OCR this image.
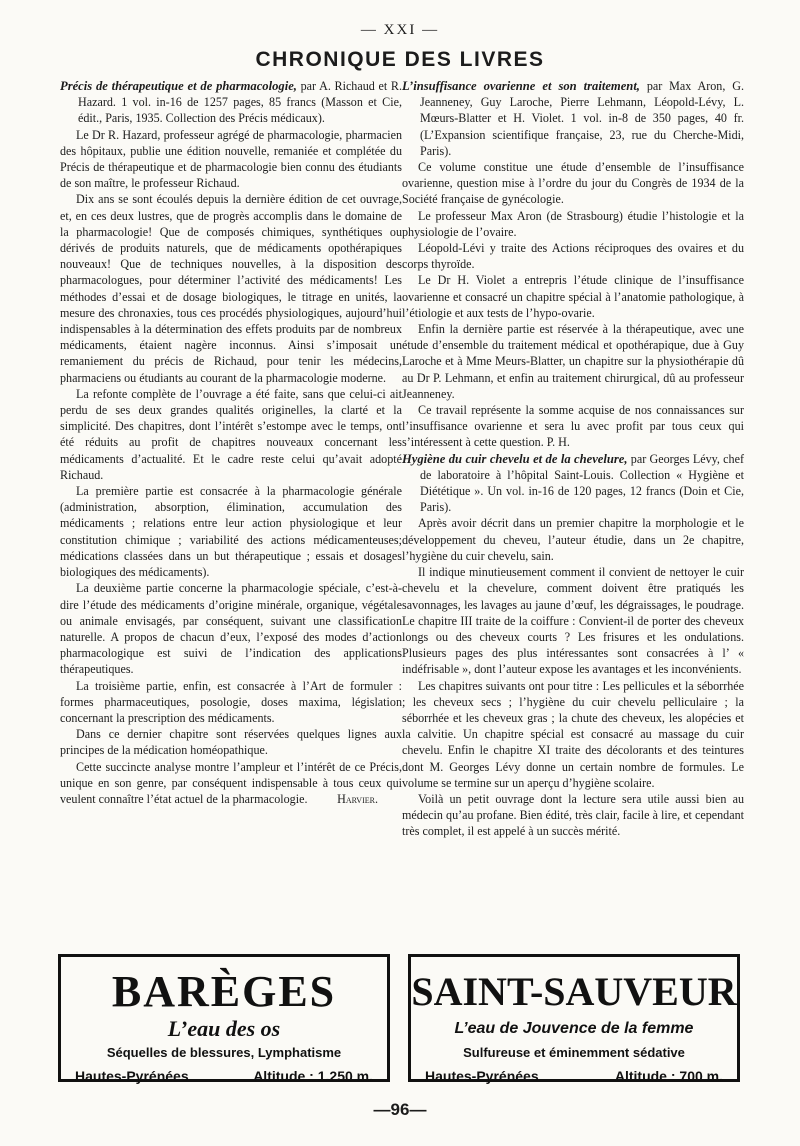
— XXI —
CHRONIQUE DES LIVRES

Précis de thérapeutique et de pharmacologie, par A. Richaud et R. Hazard. 1 vol. in-16 de 1257 pages, 85 francs (Masson et Cie, édit., Paris, 1935. Collection des Précis médicaux).

Le Dr R. Hazard, professeur agrégé de pharmacologie, pharmacien des hôpitaux, publie une édition nouvelle, remaniée et complétée du Précis de thérapeutique et de pharmacologie bien connu des étudiants de son maître, le professeur Richaud.

Dix ans se sont écoulés depuis la dernière édition de cet ouvrage, et, en ces deux lustres, que de progrès accomplis dans le domaine de la pharmacologie! Que de composés chimiques, synthétiques ou dérivés de produits naturels, que de médicaments opothérapiques nouveaux! Que de techniques nouvelles, à la disposition des pharmacologues, pour déterminer l’activité des médicaments! Les méthodes d’essai et de dosage biologiques, le titrage en unités, la mesure des chronaxies, tous ces procédés physiologiques, aujourd’hui indispensables à la détermination des effets produits par de nombreux médicaments, étaient nagère inconnus. Ainsi s’imposait un remaniement du précis de Richaud, pour tenir les médecins, pharmaciens ou étudiants au courant de la pharmacologie moderne.

La refonte complète de l’ouvrage a été faite, sans que celui-ci ait perdu de ses deux grandes qualités originelles, la clarté et la simplicité. Des chapitres, dont l’intérêt s’estompe avec le temps, ont été réduits au profit de chapitres nouveaux concernant les médicaments d’actualité. Et le cadre reste celui qu’avait adopté Richaud.

La première partie est consacrée à la pharmacologie générale (administration, absorption, élimination, accumulation des médicaments ; relations entre leur action physiologique et leur constitution chimique ; variabilité des actions médicamenteuses; médications classées dans un but thérapeutique ; essais et dosages biologiques des médicaments).

La deuxième partie concerne la pharmacologie spéciale, c’est-à-dire l’étude des médicaments d’origine minérale, organique, végétale ou animale envisagés, par conséquent, suivant une classification naturelle. A propos de chacun d’eux, l’exposé des modes d’action pharmacologique est suivi de l’indication des applications thérapeutiques.

La troisième partie, enfin, est consacrée à l’Art de formuler : formes pharmaceutiques, posologie, doses maxima, législation concernant la prescription des médicaments.

Dans ce dernier chapitre sont réservées quelques lignes aux principes de la médication homéopathique.

Cette succincte analyse montre l’ampleur et l’intérêt de ce Précis, unique en son genre, par conséquent indispensable à tous ceux qui veulent connaître l’état actuel de la pharmacologie.	Harvier.

L’insuffisance ovarienne et son traitement, par Max Aron, G. Jeanneney, Guy Laroche, Pierre Lehmann, Léopold-Lévy, L. Mœurs-Blatter et H. Violet. 1 vol. in-8 de 350 pages, 40 fr. (L’Expansion scientifique française, 23, rue du Cherche-Midi, Paris).

Ce volume constitue une étude d’ensemble de l’insuffisance ovarienne, question mise à l’ordre du jour du Congrès de 1934 de la Société française de gynécologie.

Le professeur Max Aron (de Strasbourg) étudie l’histologie et la physiologie de l’ovaire.

Léopold-Lévi y traite des Actions réciproques des ovaires et du corps thyroïde.

Le Dr H. Violet a entrepris l’étude clinique de l’insuffisance ovarienne et consacré un chapitre spécial à l’anatomie pathologique, à l’étiologie et aux tests de l’hypo-ovarie.

Enfin la dernière partie est réservée à la thérapeutique, avec une étude d’ensemble du traitement médical et opothérapique, due à Guy Laroche et à Mme Meurs-Blatter, un chapitre sur la physiothérapie dû au Dr P. Lehmann, et enfin au traitement chirurgical, dû au professeur Jeanneney.

Ce travail représente la somme acquise de nos connaissances sur l’insuffisance ovarienne et sera lu avec profit par tous ceux qui s’intéressent à cette question. P. H.

Hygiène du cuir chevelu et de la chevelure, par Georges Lévy, chef de laboratoire à l’hôpital Saint-Louis. Collection « Hygiène et Diététique ». Un vol. in-16 de 120 pages, 12 francs (Doin et Cie, Paris).

Après avoir décrit dans un premier chapitre la morphologie et le développement du cheveu, l’auteur étudie, dans un 2e chapitre, l’hygiène du cuir chevelu, sain.

Il indique minutieusement comment il convient de nettoyer le cuir chevelu et la chevelure, comment doivent être pratiqués les savonnages, les lavages au jaune d’œuf, les dégraissages, le poudrage. Le chapitre III traite de la coiffure : Convient-il de porter des cheveux longs ou des cheveux courts ? Les frisures et les ondulations. Plusieurs pages des plus intéressantes sont consacrées à l’ « indéfrisable », dont l’auteur expose les avantages et les inconvénients.

Les chapitres suivants ont pour titre : Les pellicules et la séborrhée ; les cheveux secs ; l’hygiène du cuir chevelu pelliculaire ; la séborrhée et les cheveux gras ; la chute des cheveux, les alopécies et la calvitie. Un chapitre spécial est consacré au massage du cuir chevelu. Enfin le chapitre XI traite des décolorants et des teintures dont M. Georges Lévy donne un certain nombre de formules. Le volume se termine sur un aperçu d’hygiène scolaire.

Voilà un petit ouvrage dont la lecture sera utile aussi bien au médecin qu’au profane. Bien édité, très clair, facile à lire, et cependant très complet, il est appelé à un succès mérité.

BARÈGES
L’eau des os
Séquelles de blessures, Lymphatisme
Hautes-Pyrénées	Altitude : 1.250 m.
SAINT-SAUVEUR
L’eau de Jouvence de la femme
Sulfureuse et éminemment sédative
Hautes-Pyrénées	Altitude : 700 m.
—96—
